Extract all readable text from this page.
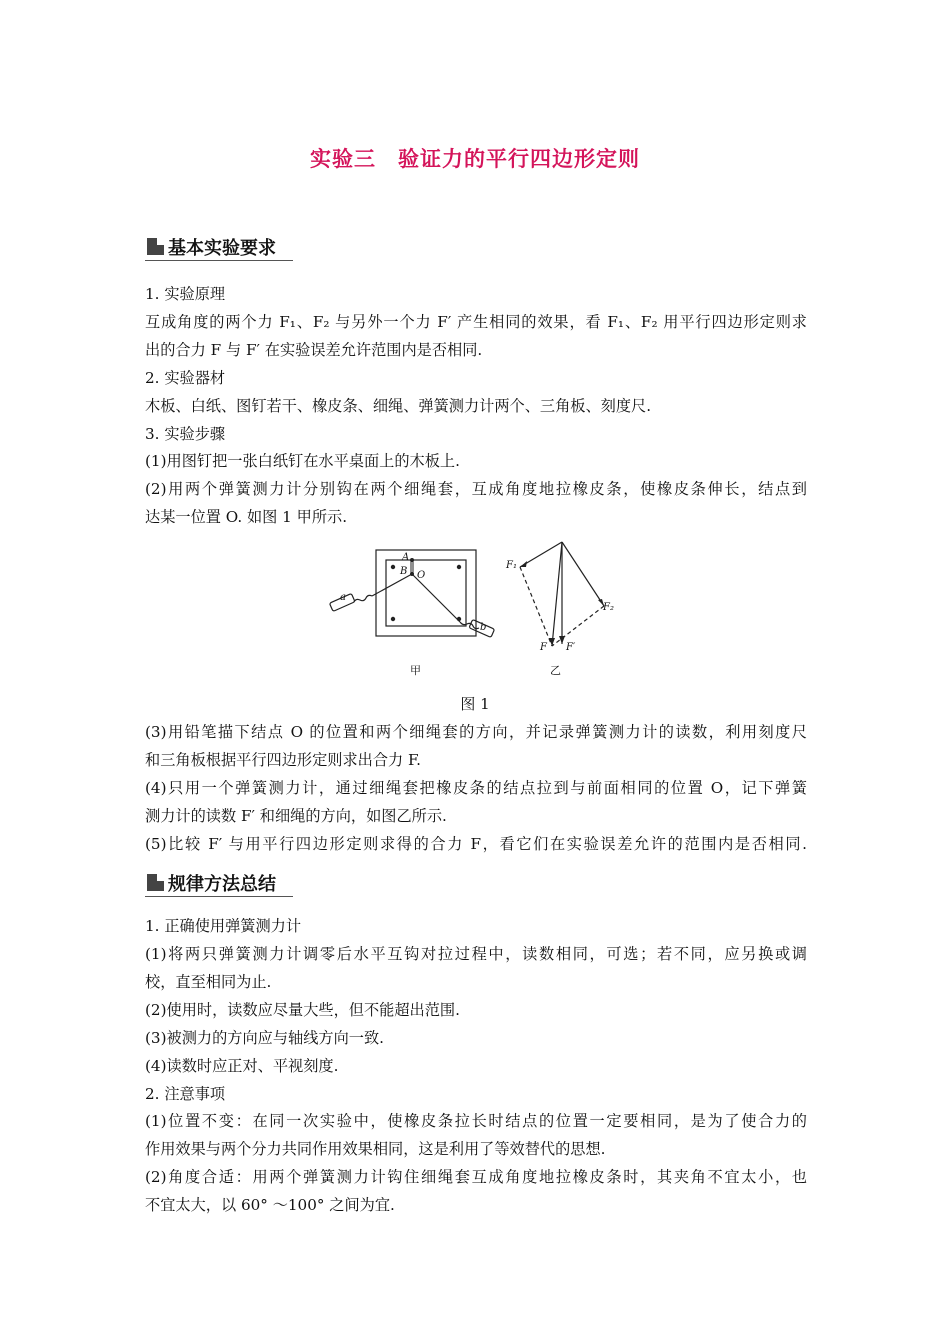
实验三　验证力的平行四边形定则
基本实验要求
1. 实验原理
互成角度的两个力 F₁、F₂ 与另外一个力 F′ 产生相同的效果，看 F₁、F₂ 用平行四边形定则求
出的合力 F 与 F′ 在实验误差允许范围内是否相同.
2. 实验器材
木板、白纸、图钉若干、橡皮条、细绳、弹簧测力计两个、三角板、刻度尺.
3. 实验步骤
(1)用图钉把一张白纸钉在水平桌面上的木板上.
(2)用两个弹簧测力计分别钩在两个细绳套，互成角度地拉橡皮条，使橡皮条伸长，结点到
达某一位置 O. 如图 1 甲所示.
A
B O
a
b
F₁
F₂
F F′
甲	乙
图 1
(3)用铅笔描下结点 O 的位置和两个细绳套的方向，并记录弹簧测力计的读数，利用刻度尺
和三角板根据平行四边形定则求出合力 F.
(4)只用一个弹簧测力计，通过细绳套把橡皮条的结点拉到与前面相同的位置 O，记下弹簧
测力计的读数 F′ 和细绳的方向，如图乙所示.
(5)比较 F′ 与用平行四边形定则求得的合力 F，看它们在实验误差允许的范围内是否相同.
规律方法总结
1. 正确使用弹簧测力计
(1)将两只弹簧测力计调零后水平互钩对拉过程中，读数相同，可选；若不同，应另换或调
校，直至相同为止.
(2)使用时，读数应尽量大些，但不能超出范围.
(3)被测力的方向应与轴线方向一致.
(4)读数时应正对、平视刻度.
2. 注意事项
(1)位置不变：在同一次实验中，使橡皮条拉长时结点的位置一定要相同，是为了使合力的
作用效果与两个分力共同作用效果相同，这是利用了等效替代的思想.
(2)角度合适：用两个弹簧测力计钩住细绳套互成角度地拉橡皮条时，其夹角不宜太小，也
不宜太大，以 60° ～100° 之间为宜.
